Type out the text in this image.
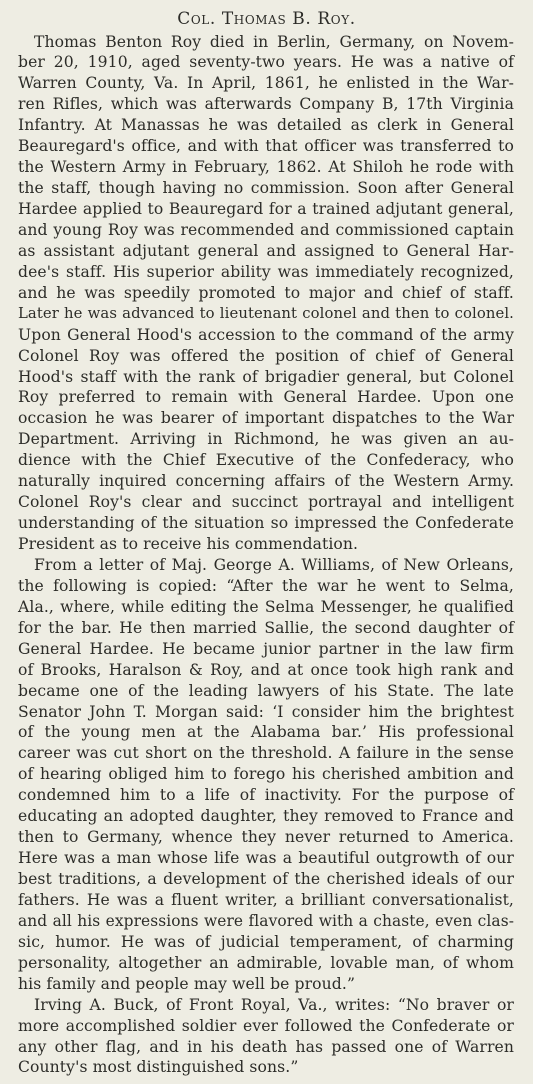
Col. Thomas B. Roy.
Thomas Benton Roy died in Berlin, Germany, on Novem-
ber 20, 1910, aged seventy-two years. He was a native of
Warren County, Va. In April, 1861, he enlisted in the War-
ren Rifles, which was afterwards Company B, 17th Virginia
Infantry. At Manassas he was detailed as clerk in General
Beauregard's office, and with that officer was transferred to
the Western Army in February, 1862. At Shiloh he rode with
the staff, though having no commission. Soon after General
Hardee applied to Beauregard for a trained adjutant general,
and young Roy was recommended and commissioned captain
as assistant adjutant general and assigned to General Har-
dee's staff. His superior ability was immediately recognized,
and he was speedily promoted to major and chief of staff.
Later he was advanced to lieutenant colonel and then to colonel.
Upon General Hood's accession to the command of the army
Colonel Roy was offered the position of chief of General
Hood's staff with the rank of brigadier general, but Colonel
Roy preferred to remain with General Hardee. Upon one
occasion he was bearer of important dispatches to the War
Department. Arriving in Richmond, he was given an au-
dience with the Chief Executive of the Confederacy, who
naturally inquired concerning affairs of the Western Army.
Colonel Roy's clear and succinct portrayal and intelligent
understanding of the situation so impressed the Confederate
President as to receive his commendation.
From a letter of Maj. George A. Williams, of New Orleans,
the following is copied: “After the war he went to Selma,
Ala., where, while editing the Selma Messenger, he qualified
for the bar. He then married Sallie, the second daughter of
General Hardee. He became junior partner in the law firm
of Brooks, Haralson & Roy, and at once took high rank and
became one of the leading lawyers of his State. The late
Senator John T. Morgan said: ‘I consider him the brightest
of the young men at the Alabama bar.’ His professional
career was cut short on the threshold. A failure in the sense
of hearing obliged him to forego his cherished ambition and
condemned him to a life of inactivity. For the purpose of
educating an adopted daughter, they removed to France and
then to Germany, whence they never returned to America.
Here was a man whose life was a beautiful outgrowth of our
best traditions, a development of the cherished ideals of our
fathers. He was a fluent writer, a brilliant conversationalist,
and all his expressions were flavored with a chaste, even clas-
sic, humor. He was of judicial temperament, of charming
personality, altogether an admirable, lovable man, of whom
his family and people may well be proud.”
Irving A. Buck, of Front Royal, Va., writes: “No braver or
more accomplished soldier ever followed the Confederate or
any other flag, and in his death has passed one of Warren
County's most distinguished sons.”
